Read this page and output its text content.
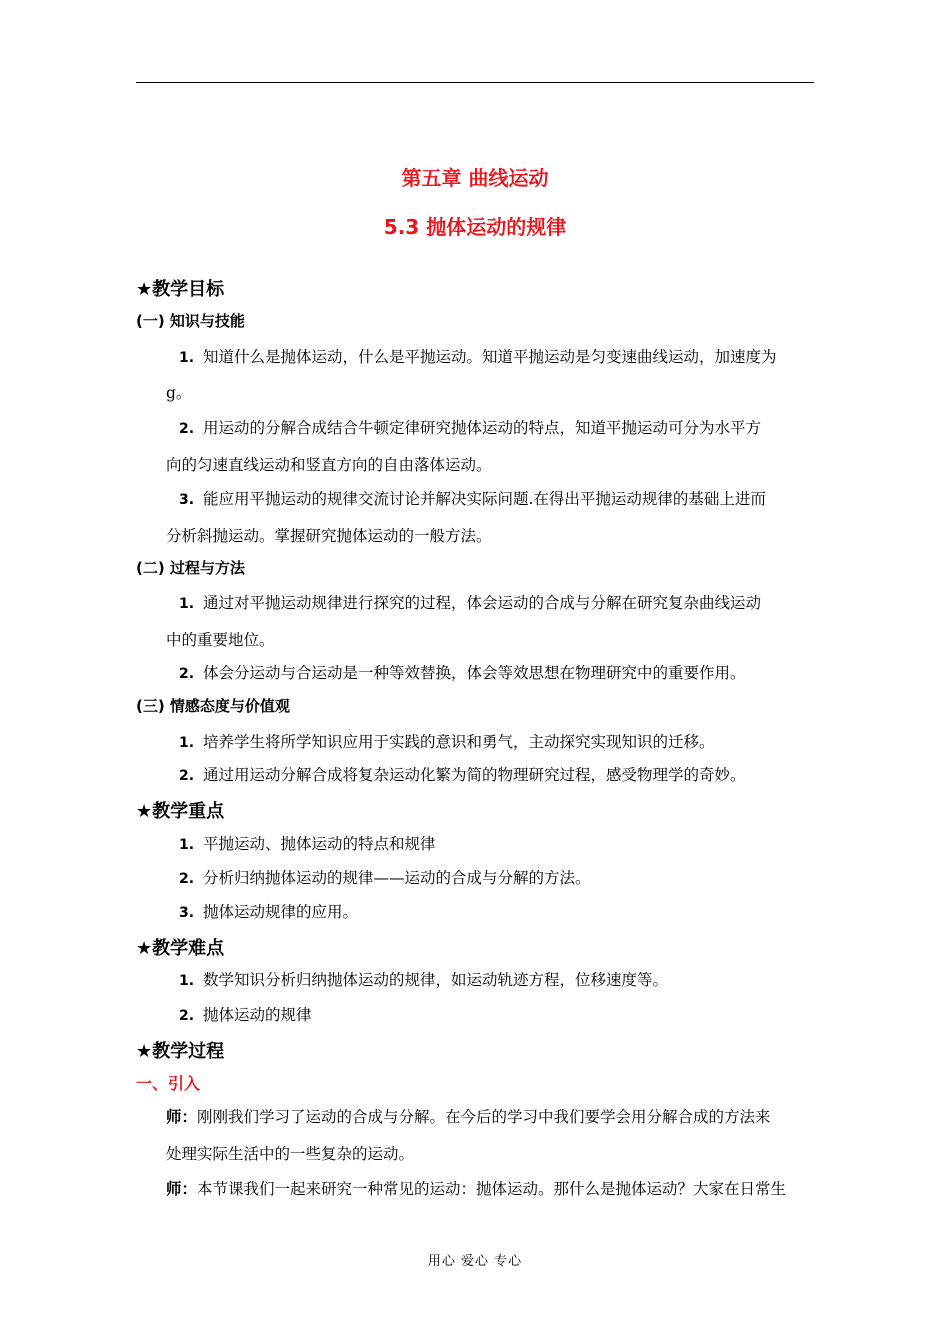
第五章 曲线运动
5.3 抛体运动的规律
★教学目标
(一) 知识与技能
1. 知道什么是抛体运动，什么是平抛运动。知道平抛运动是匀变速曲线运动，加速度为
g。
2. 用运动的分解合成结合牛顿定律研究抛体运动的特点，知道平抛运动可分为水平方
向的匀速直线运动和竖直方向的自由落体运动。
3. 能应用平抛运动的规律交流讨论并解决实际问题.在得出平抛运动规律的基础上进而
分析斜抛运动。掌握研究抛体运动的一般方法。
(二) 过程与方法
1. 通过对平抛运动规律进行探究的过程，体会运动的合成与分解在研究复杂曲线运动
中的重要地位。
2. 体会分运动与合运动是一种等效替换，体会等效思想在物理研究中的重要作用。
(三) 情感态度与价值观
1. 培养学生将所学知识应用于实践的意识和勇气，主动探究实现知识的迁移。
2. 通过用运动分解合成将复杂运动化繁为简的物理研究过程，感受物理学的奇妙。
★教学重点
1. 平抛运动、抛体运动的特点和规律
2. 分析归纳抛体运动的规律——运动的合成与分解的方法。
3. 抛体运动规律的应用。
★教学难点
1. 数学知识分析归纳抛体运动的规律，如运动轨迹方程，位移速度等。
2. 抛体运动的规律
★教学过程
一、引入
师：刚刚我们学习了运动的合成与分解。在今后的学习中我们要学会用分解合成的方法来
处理实际生活中的一些复杂的运动。
师：本节课我们一起来研究一种常见的运动：抛体运动。那什么是抛体运动？大家在日常生
用心 爱心 专心
